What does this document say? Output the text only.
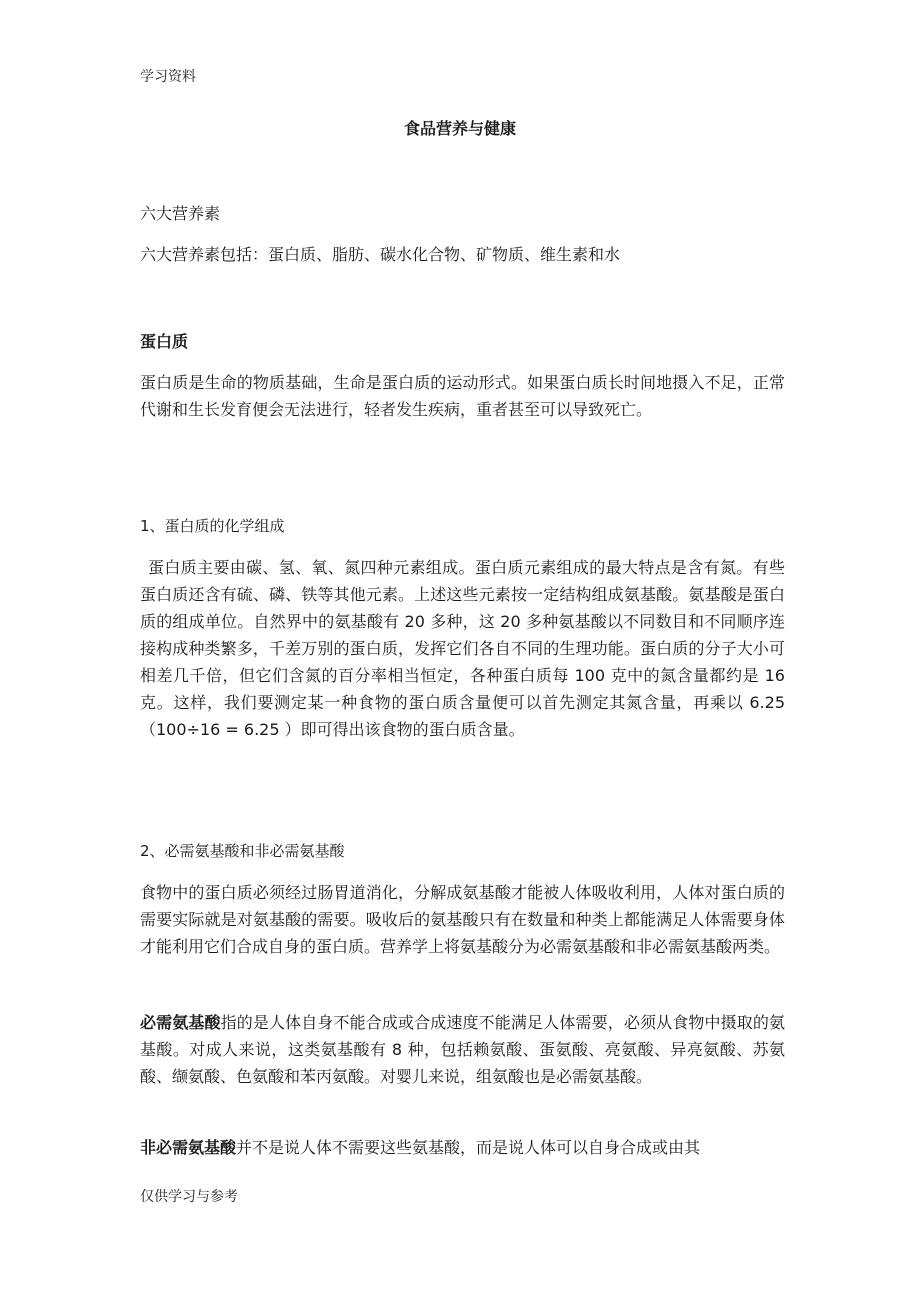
学习资料
食品营养与健康
六大营养素
六大营养素包括：蛋白质、脂肪、碳水化合物、矿物质、维生素和水
蛋白质

蛋白质是生命的物质基础，生命是蛋白质的运动形式。如果蛋白质长时间地摄入不足，正常代谢和生长发育便会无法进行，轻者发生疾病，重者甚至可以导致死亡。

1、蛋白质的化学组成

蛋白质主要由碳、氢、氧、氮四种元素组成。蛋白质元素组成的最大特点是含有氮。有些蛋白质还含有硫、磷、铁等其他元素。上述这些元素按一定结构组成氨基酸。氨基酸是蛋白质的组成单位。自然界中的氨基酸有 20 多种，这 20 多种氨基酸以不同数目和不同顺序连接构成种类繁多，千差万别的蛋白质，发挥它们各自不同的生理功能。蛋白质的分子大小可相差几千倍，但它们含氮的百分率相当恒定，各种蛋白质每 100 克中的氮含量都约是 16 克。这样，我们要测定某一种食物的蛋白质含量便可以首先测定其氮含量，再乘以 6.25 （100÷16 = 6.25 ）即可得出该食物的蛋白质含量。

2、必需氨基酸和非必需氨基酸

食物中的蛋白质必须经过肠胃道消化，分解成氨基酸才能被人体吸收利用，人体对蛋白质的需要实际就是对氨基酸的需要。吸收后的氨基酸只有在数量和种类上都能满足人体需要身体才能利用它们合成自身的蛋白质。营养学上将氨基酸分为必需氨基酸和非必需氨基酸两类。

必需氨基酸指的是人体自身不能合成或合成速度不能满足人体需要，必须从食物中摄取的氨基酸。对成人来说，这类氨基酸有 8 种，包括赖氨酸、蛋氨酸、亮氨酸、异亮氨酸、苏氨酸、缬氨酸、色氨酸和苯丙氨酸。对婴儿来说，组氨酸也是必需氨基酸。

非必需氨基酸并不是说人体不需要这些氨基酸，而是说人体可以自身合成或由其

仅供学习与参考
